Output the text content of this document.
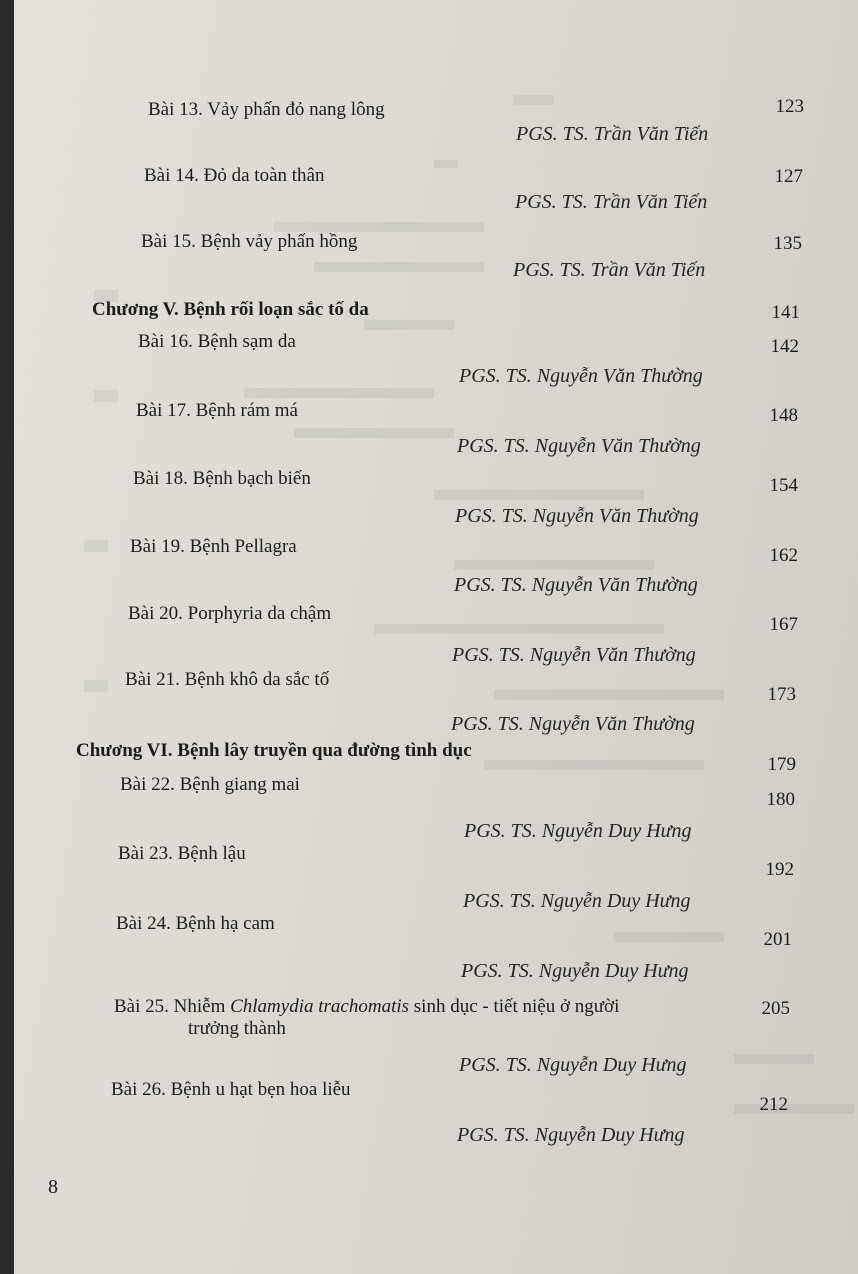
Bài 13. Vảy phấn đỏ nang lông	123
PGS. TS. Trần Văn Tiến
Bài 14. Đỏ da toàn thân	127
PGS. TS. Trần Văn Tiến
Bài 15. Bệnh vảy phấn hồng	135
PGS. TS. Trần Văn Tiến
Chương V. Bệnh rối loạn sắc tố da	141
Bài 16. Bệnh sạm da	142
PGS. TS. Nguyễn Văn Thường
Bài 17. Bệnh rám má	148
PGS. TS. Nguyễn Văn Thường
Bài 18. Bệnh bạch biến	154
PGS. TS. Nguyễn Văn Thường
Bài 19. Bệnh Pellagra	162
PGS. TS. Nguyễn Văn Thường
Bài 20. Porphyria da chậm
167
PGS. TS. Nguyễn Văn Thường
Bài 21. Bệnh khô da sắc tố
173
PGS. TS. Nguyễn Văn Thường
Chương VI. Bệnh lây truyền qua đường tình dục
179
Bài 22. Bệnh giang mai
180
PGS. TS. Nguyễn Duy Hưng
Bài 23. Bệnh lậu
192
PGS. TS. Nguyễn Duy Hưng
Bài 24. Bệnh hạ cam
201
PGS. TS. Nguyễn Duy Hưng
Bài 25. Nhiễm Chlamydia trachomatis sinh dục - tiết niệu ở người
trưởng thành
205
PGS. TS. Nguyễn Duy Hưng
Bài 26. Bệnh u hạt bẹn hoa liễu
212
PGS. TS. Nguyễn Duy Hưng
8
